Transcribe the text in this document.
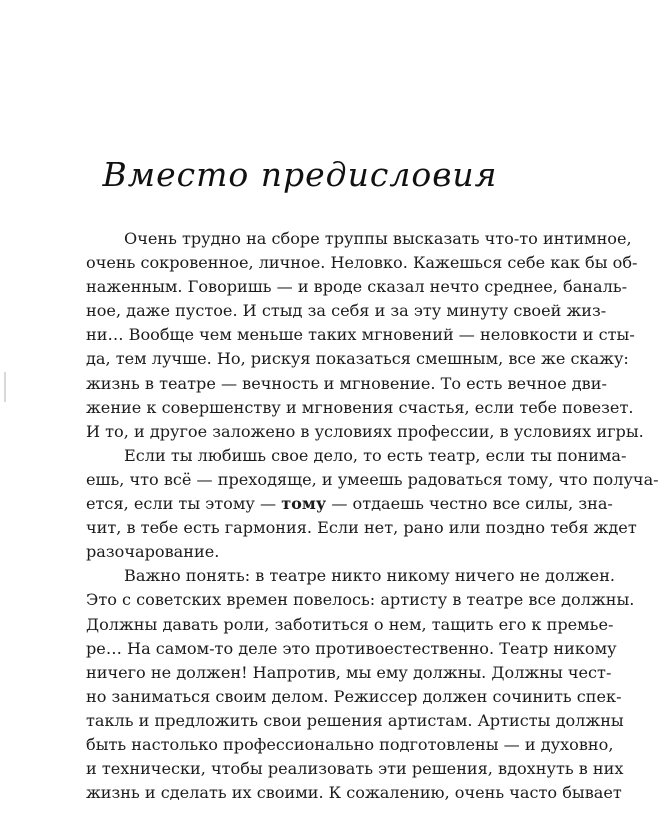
Вместо предисловия
Очень трудно на сборе труппы высказать что-то интимное,
очень сокровенное, личное. Неловко. Кажешься себе как бы об-
наженным. Говоришь — и вроде сказал нечто среднее, баналь-
ное, даже пустое. И стыд за себя и за эту минуту своей жиз-
ни… Вообще чем меньше таких мгновений — неловкости и сты-
да, тем лучше. Но, рискуя показаться смешным, все же скажу:
жизнь в театре — вечность и мгновение. То есть вечное дви-
жение к совершенству и мгновения счастья, если тебе повезет.
И то, и другое заложено в условиях профессии, в условиях игры.
Если ты любишь свое дело, то есть театр, если ты понима-
ешь, что всё — преходяще, и умеешь радоваться тому, что получа-
ется, если ты этому — тому — отдаешь честно все силы, зна-
чит, в тебе есть гармония. Если нет, рано или поздно тебя ждет
разочарование.
Важно понять: в театре никто никому ничего не должен.
Это с советских времен повелось: артисту в театре все должны.
Должны давать роли, заботиться о нем, тащить его к премье-
ре… На самом-то деле это противоестественно. Театр никому
ничего не должен! Напротив, мы ему должны. Должны чест-
но заниматься своим делом. Режиссер должен сочинить спек-
такль и предложить свои решения артистам. Артисты должны
быть настолько профессионально подготовлены — и духовно,
и технически, чтобы реализовать эти решения, вдохнуть в них
жизнь и сделать их своими. К сожалению, очень часто бывает
